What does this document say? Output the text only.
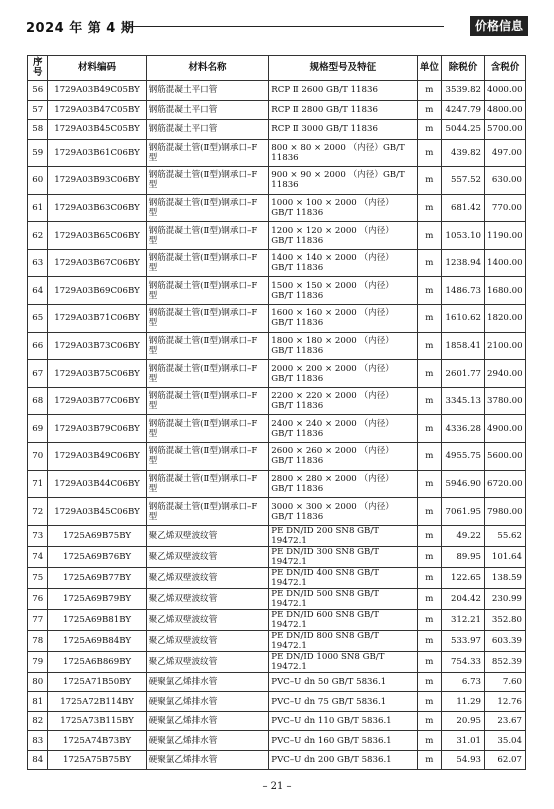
2024 年 第 4 期	价格信息
序号	材料编码	材料名称	规格型号及特征	单位	除税价	含税价
56	1729A03B49C05BY	钢筋混凝土平口管	RCP Ⅱ 2600 GB/T 11836	m	3539.82	4000.00
57	1729A03B47C05BY	钢筋混凝土平口管	RCP Ⅱ 2800 GB/T 11836	m	4247.79	4800.00
58	1729A03B45C05BY	钢筋混凝土平口管	RCP Ⅱ 3000 GB/T 11836	m	5044.25	5700.00
59	1729A03B61C06BY	钢筋混凝土管(Ⅱ型)钢承口–F 型	800 × 80 × 2000 （内径）GB/T 11836	m	439.82	497.00
60	1729A03B93C06BY	钢筋混凝土管(Ⅱ型)钢承口–F 型	900 × 90 × 2000 （内径）GB/T 11836	m	557.52	630.00
61	1729A03B63C06BY	钢筋混凝土管(Ⅱ型)钢承口–F 型	1000 × 100 × 2000 （内径）GB/T 11836	m	681.42	770.00
62	1729A03B65C06BY	钢筋混凝土管(Ⅱ型)钢承口–F 型	1200 × 120 × 2000 （内径）GB/T 11836	m	1053.10	1190.00
63	1729A03B67C06BY	钢筋混凝土管(Ⅱ型)钢承口–F 型	1400 × 140 × 2000 （内径）GB/T 11836	m	1238.94	1400.00
64	1729A03B69C06BY	钢筋混凝土管(Ⅱ型)钢承口–F 型	1500 × 150 × 2000 （内径）GB/T 11836	m	1486.73	1680.00
65	1729A03B71C06BY	钢筋混凝土管(Ⅱ型)钢承口–F 型	1600 × 160 × 2000 （内径）GB/T 11836	m	1610.62	1820.00
66	1729A03B73C06BY	钢筋混凝土管(Ⅱ型)钢承口–F 型	1800 × 180 × 2000 （内径）GB/T 11836	m	1858.41	2100.00
67	1729A03B75C06BY	钢筋混凝土管(Ⅱ型)钢承口–F 型	2000 × 200 × 2000 （内径）GB/T 11836	m	2601.77	2940.00
68	1729A03B77C06BY	钢筋混凝土管(Ⅱ型)钢承口–F 型	2200 × 220 × 2000 （内径）GB/T 11836	m	3345.13	3780.00
69	1729A03B79C06BY	钢筋混凝土管(Ⅱ型)钢承口–F 型	2400 × 240 × 2000 （内径）GB/T 11836	m	4336.28	4900.00
70	1729A03B49C06BY	钢筋混凝土管(Ⅱ型)钢承口–F 型	2600 × 260 × 2000 （内径）GB/T 11836	m	4955.75	5600.00
71	1729A03B44C06BY	钢筋混凝土管(Ⅱ型)钢承口–F 型	2800 × 280 × 2000 （内径）GB/T 11836	m	5946.90	6720.00
72	1729A03B45C06BY	钢筋混凝土管(Ⅱ型)钢承口–F 型	3000 × 300 × 2000 （内径）GB/T 11836	m	7061.95	7980.00
73	1725A69B75BY	聚乙烯双壁波纹管	PE DN/ID 200 SN8 GB/T 19472.1	m	49.22	55.62
74	1725A69B76BY	聚乙烯双壁波纹管	PE DN/ID 300 SN8 GB/T 19472.1	m	89.95	101.64
75	1725A69B77BY	聚乙烯双壁波纹管	PE DN/ID 400 SN8 GB/T 19472.1	m	122.65	138.59
76	1725A69B79BY	聚乙烯双壁波纹管	PE DN/ID 500 SN8 GB/T 19472.1	m	204.42	230.99
77	1725A69B81BY	聚乙烯双壁波纹管	PE DN/ID 600 SN8 GB/T 19472.1	m	312.21	352.80
78	1725A69B84BY	聚乙烯双壁波纹管	PE DN/ID 800 SN8 GB/T 19472.1	m	533.97	603.39
79	1725A6B869BY	聚乙烯双壁波纹管	PE DN/ID 1000 SN8 GB/T 19472.1	m	754.33	852.39
80	1725A71B50BY	硬聚氯乙烯排水管	PVC–U dn 50 GB/T 5836.1	m	6.73	7.60
81	1725A72B114BY	硬聚氯乙烯排水管	PVC–U dn 75 GB/T 5836.1	m	11.29	12.76
82	1725A73B115BY	硬聚氯乙烯排水管	PVC–U dn 110 GB/T 5836.1	m	20.95	23.67
83	1725A74B73BY	硬聚氯乙烯排水管	PVC–U dn 160 GB/T 5836.1	m	31.01	35.04
84	1725A75B75BY	硬聚氯乙烯排水管	PVC–U dn 200 GB/T 5836.1	m	54.93	62.07
– 21 –
